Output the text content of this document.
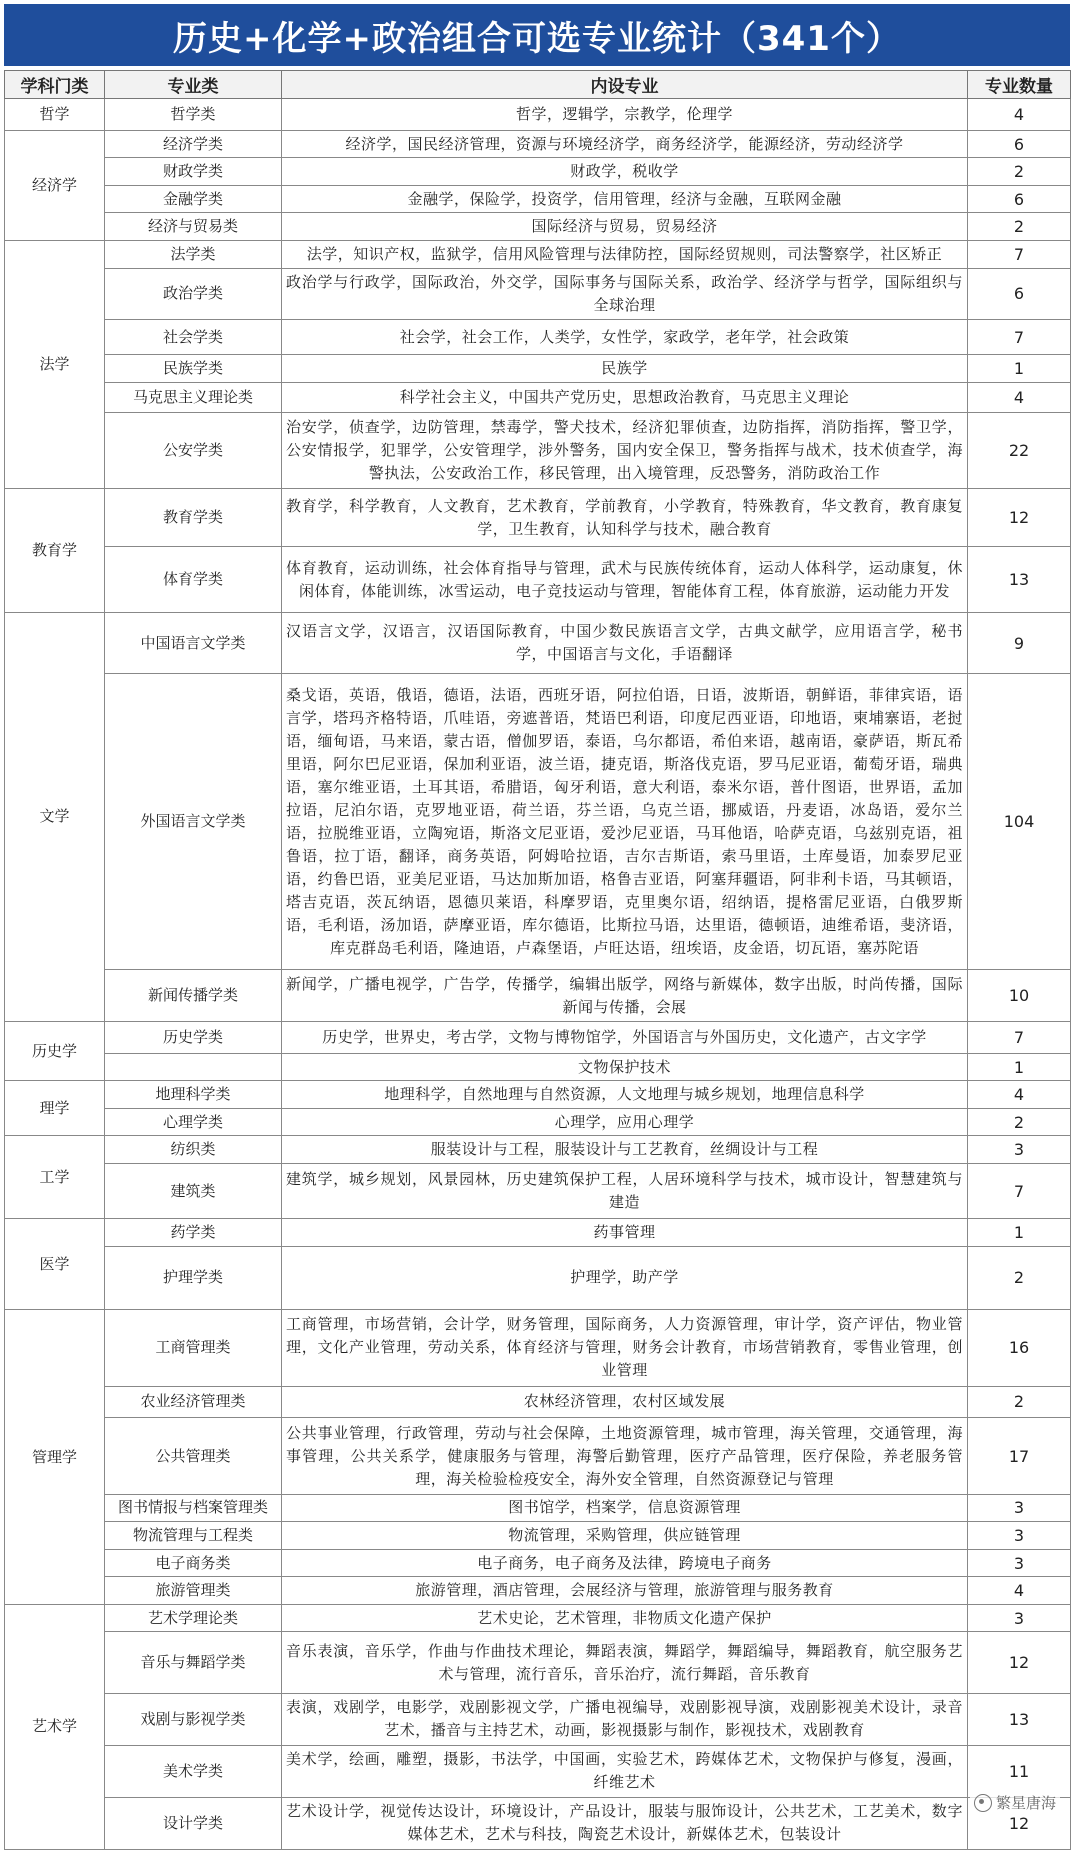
历史+化学+政治组合可选专业统计（341个）
学科门类	专业类	内设专业	专业数量
哲学	哲学类	哲学，逻辑学，宗教学，伦理学	4
经济学	经济学类	经济学，国民经济管理，资源与环境经济学，商务经济学，能源经济，劳动经济学	6
	财政学类	财政学，税收学	2
	金融学类	金融学，保险学，投资学，信用管理，经济与金融，互联网金融	6
	经济与贸易类	国际经济与贸易，贸易经济	2
法学	法学类	法学，知识产权，监狱学，信用风险管理与法律防控，国际经贸规则，司法警察学，社区矫正	7
	政治学类	政治学与行政学，国际政治，外交学，国际事务与国际关系，政治学、经济学与哲学，国际组织与全球治理	6
	社会学类	社会学，社会工作，人类学，女性学，家政学，老年学，社会政策	7
	民族学类	民族学	1
	马克思主义理论类	科学社会主义，中国共产党历史，思想政治教育，马克思主义理论	4
	公安学类	治安学，侦查学，边防管理，禁毒学，警犬技术，经济犯罪侦查，边防指挥，消防指挥，警卫学，公安情报学，犯罪学，公安管理学，涉外警务，国内安全保卫，警务指挥与战术，技术侦查学，海警执法，公安政治工作，移民管理，出入境管理，反恐警务，消防政治工作	22
教育学	教育学类	教育学，科学教育，人文教育，艺术教育，学前教育，小学教育，特殊教育，华文教育，教育康复学，卫生教育，认知科学与技术，融合教育	12
	体育学类	体育教育，运动训练，社会体育指导与管理，武术与民族传统体育，运动人体科学，运动康复，休闲体育，体能训练，冰雪运动，电子竞技运动与管理，智能体育工程，体育旅游，运动能力开发	13
文学	中国语言文学类	汉语言文学，汉语言，汉语国际教育，中国少数民族语言文学，古典文献学，应用语言学，秘书学，中国语言与文化，手语翻译	9
	外国语言文学类	桑戈语，英语，俄语，德语，法语，西班牙语，阿拉伯语，日语，波斯语，朝鲜语，菲律宾语，语言学，塔玛齐格特语，爪哇语，旁遮普语，梵语巴利语，印度尼西亚语，印地语，柬埔寨语，老挝语，缅甸语，马来语，蒙古语，僧伽罗语，泰语，乌尔都语，希伯来语，越南语，豪萨语，斯瓦希里语，阿尔巴尼亚语，保加利亚语，波兰语，捷克语，斯洛伐克语，罗马尼亚语，葡萄牙语，瑞典语，塞尔维亚语，土耳其语，希腊语，匈牙利语，意大利语，泰米尔语，普什图语，世界语，孟加拉语，尼泊尔语，克罗地亚语，荷兰语，芬兰语，乌克兰语，挪威语，丹麦语，冰岛语，爱尔兰语，拉脱维亚语，立陶宛语，斯洛文尼亚语，爱沙尼亚语，马耳他语，哈萨克语，乌兹别克语，祖鲁语，拉丁语，翻译，商务英语，阿姆哈拉语，吉尔吉斯语，索马里语，土库曼语，加泰罗尼亚语，约鲁巴语，亚美尼亚语，马达加斯加语，格鲁吉亚语，阿塞拜疆语，阿非利卡语，马其顿语，塔吉克语，茨瓦纳语，恩德贝莱语，科摩罗语，克里奥尔语，绍纳语，提格雷尼亚语，白俄罗斯语，毛利语，汤加语，萨摩亚语，库尔德语，比斯拉马语，达里语，德顿语，迪维希语，斐济语，库克群岛毛利语，隆迪语，卢森堡语，卢旺达语，纽埃语，皮金语，切瓦语，塞苏陀语	104
	新闻传播学类	新闻学，广播电视学，广告学，传播学，编辑出版学，网络与新媒体，数字出版，时尚传播，国际新闻与传播，会展	10
历史学	历史学类	历史学，世界史，考古学，文物与博物馆学，外国语言与外国历史，文化遗产，古文字学	7
		文物保护技术	1
理学	地理科学类	地理科学，自然地理与自然资源，人文地理与城乡规划，地理信息科学	4
	心理学类	心理学，应用心理学	2
工学	纺织类	服装设计与工程，服装设计与工艺教育，丝绸设计与工程	3
	建筑类	建筑学，城乡规划，风景园林，历史建筑保护工程，人居环境科学与技术，城市设计，智慧建筑与建造	7
医学	药学类	药事管理	1
	护理学类	护理学，助产学	2
管理学	工商管理类	工商管理，市场营销，会计学，财务管理，国际商务，人力资源管理，审计学，资产评估，物业管理，文化产业管理，劳动关系，体育经济与管理，财务会计教育，市场营销教育，零售业管理，创业管理	16
	农业经济管理类	农林经济管理，农村区域发展	2
	公共管理类	公共事业管理，行政管理，劳动与社会保障，土地资源管理，城市管理，海关管理，交通管理，海事管理，公共关系学，健康服务与管理，海警后勤管理，医疗产品管理，医疗保险，养老服务管理，海关检验检疫安全，海外安全管理，自然资源登记与管理	17
	图书情报与档案管理类	图书馆学，档案学，信息资源管理	3
	物流管理与工程类	物流管理，采购管理，供应链管理	3
	电子商务类	电子商务，电子商务及法律，跨境电子商务	3
	旅游管理类	旅游管理，酒店管理，会展经济与管理，旅游管理与服务教育	4
艺术学	艺术学理论类	艺术史论，艺术管理，非物质文化遗产保护	3
	音乐与舞蹈学类	音乐表演，音乐学，作曲与作曲技术理论，舞蹈表演，舞蹈学，舞蹈编导，舞蹈教育，航空服务艺术与管理，流行音乐，音乐治疗，流行舞蹈，音乐教育	12
	戏剧与影视学类	表演，戏剧学，电影学，戏剧影视文学，广播电视编导，戏剧影视导演，戏剧影视美术设计，录音艺术，播音与主持艺术，动画，影视摄影与制作，影视技术，戏剧教育	13
	美术学类	美术学，绘画，雕塑，摄影，书法学，中国画，实验艺术，跨媒体艺术，文物保护与修复，漫画，纤维艺术	11
	设计学类	艺术设计学，视觉传达设计，环境设计，产品设计，服装与服饰设计，公共艺术，工艺美术，数字媒体艺术，艺术与科技，陶瓷艺术设计，新媒体艺术，包装设计	12
繁星唐海
